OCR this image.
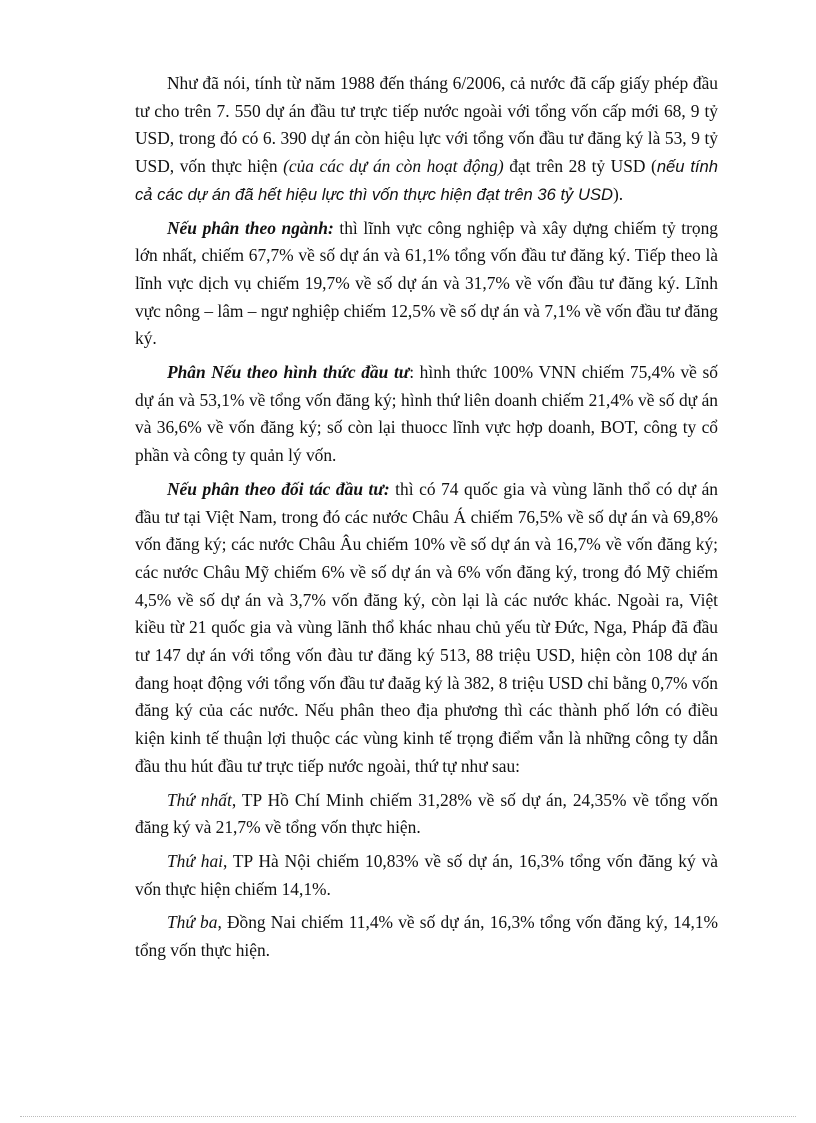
Như đã nói, tính từ năm 1988 đến tháng 6/2006, cả nước đã cấp giấy phép đầu tư cho trên 7. 550 dự án đầu tư trực tiếp nước ngoài với tổng vốn cấp mới 68, 9 tỷ USD, trong đó có 6. 390 dự án còn hiệu lực với tổng vốn đầu tư đăng ký là 53, 9 tỷ USD, vốn thực hiện (của các dự án còn hoạt động) đạt trên 28 tỷ USD (nếu tính cả các dự án đã hết hiệu lực thì vốn thực hiện đạt trên 36 tỷ USD).

Nếu phân theo ngành: thì lĩnh vực công nghiệp và xây dựng chiếm tỷ trọng lớn nhất, chiếm 67,7% về số dự án và 61,1% tổng vốn đầu tư đăng ký. Tiếp theo là lĩnh vực dịch vụ chiếm 19,7% về số dự án và 31,7% về vốn đầu tư đăng ký. Lĩnh vực nông – lâm – ngư nghiệp chiếm 12,5% về số dự án và 7,1% về vốn đầu tư đăng ký.

Phân Nếu theo hình thức đầu tư: hình thức 100% VNN chiếm 75,4% về số dự án và 53,1% về tổng vốn đăng ký; hình thứ liên doanh chiếm 21,4% về số dự án và 36,6% về vốn đăng ký; số còn lại thuocc lĩnh vực hợp doanh, BOT, công ty cổ phần và công ty quản lý vốn.

Nếu phân theo đối tác đầu tư: thì có 74 quốc gia và vùng lãnh thổ có dự án đầu tư tại Việt Nam, trong đó các nước Châu Á chiếm 76,5% về số dự án và 69,8% vốn đăng ký; các nước Châu Âu chiếm 10% về số dự án và 16,7% về vốn đăng ký; các nước Châu Mỹ chiếm 6% về số dự án và 6% vốn đăng ký, trong đó Mỹ chiếm 4,5% về số dự án và 3,7% vốn đăng ký, còn lại là các nước khác. Ngoài ra, Việt kiều từ 21 quốc gia và vùng lãnh thổ khác nhau chủ yếu từ Đức, Nga, Pháp đã đầu tư 147 dự án với tổng vốn đàu tư đăng ký 513, 88 triệu USD, hiện còn 108 dự án đang hoạt động với tổng vốn đầu tư đaăg ký là 382, 8 triệu USD chỉ bằng 0,7% vốn đăng ký của các nước. Nếu phân theo địa phương thì các thành phố lớn có điều kiện kinh tế thuận lợi thuộc các vùng kinh tế trọng điểm vẫn là những công ty dẫn đầu thu hút đầu tư trực tiếp nước ngoài, thứ tự như sau:

Thứ nhất, TP Hồ Chí Minh chiếm 31,28% về số dự án, 24,35% về tổng vốn đăng ký và 21,7% về tổng vốn thực hiện.

Thứ hai, TP Hà Nội chiếm 10,83% về số dự án, 16,3% tổng vốn đăng ký và vốn thực hiện chiếm 14,1%.

Thứ ba, Đồng Nai chiếm 11,4% về số dự án, 16,3% tổng vốn đăng ký, 14,1% tổng vốn thực hiện.
